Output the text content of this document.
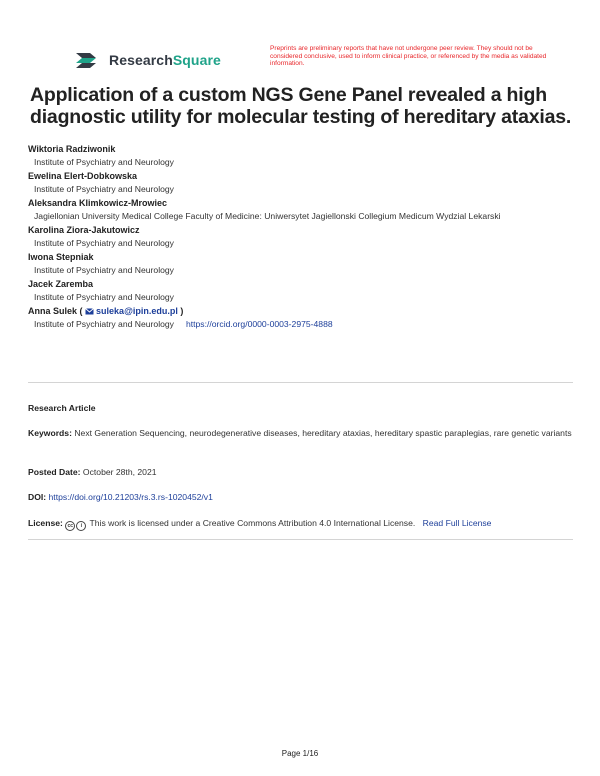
ResearchSquare
Preprints are preliminary reports that have not undergone peer review. They should not be considered conclusive, used to inform clinical practice, or referenced by the media as validated information.
Application of a custom NGS Gene Panel revealed a high diagnostic utility for molecular testing of hereditary ataxias.
Wiktoria Radziwonik
Institute of Psychiatry and Neurology
Ewelina Elert-Dobkowska
Institute of Psychiatry and Neurology
Aleksandra Klimkowicz-Mrowiec
Jagiellonian University Medical College Faculty of Medicine: Uniwersytet Jagiellonski Collegium Medicum Wydzial Lekarski
Karolina Ziora-Jakutowicz
Institute of Psychiatry and Neurology
Iwona Stepniak
Institute of Psychiatry and Neurology
Jacek Zaremba
Institute of Psychiatry and Neurology
Anna Sulek ( suleka@ipin.edu.pl )
Institute of Psychiatry and Neurology https://orcid.org/0000-0003-2975-4888
Research Article
Keywords: Next Generation Sequencing, neurodegenerative diseases, hereditary ataxias, hereditary spastic paraplegias, rare genetic variants
Posted Date: October 28th, 2021
DOI: https://doi.org/10.21203/rs.3.rs-1020452/v1
License: cc i This work is licensed under a Creative Commons Attribution 4.0 International License. Read Full License
Page 1/16
